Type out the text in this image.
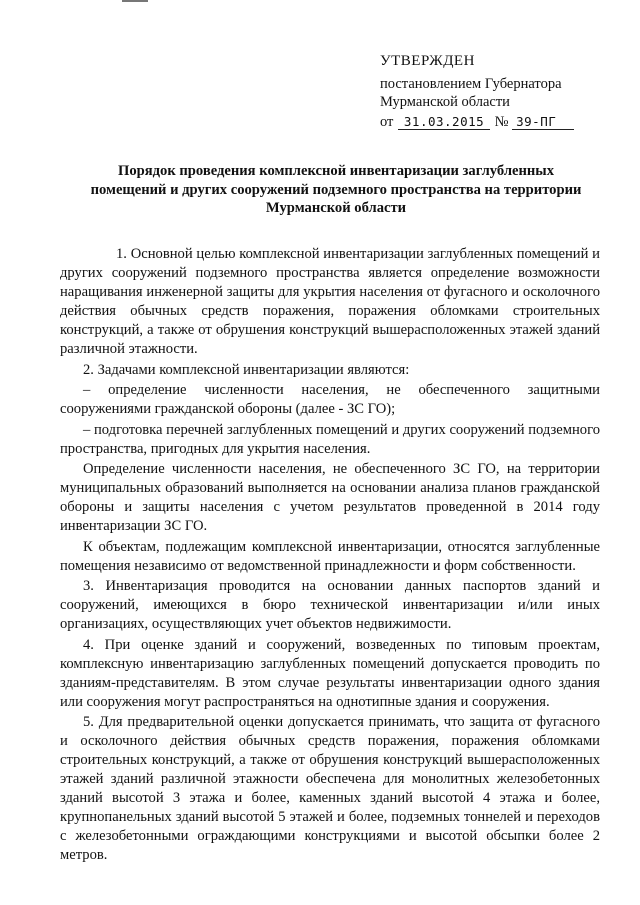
УТВЕРЖДЕН
постановлением Губернатора
Мурманской области
от 31.03.2015 № 39-ПГ
Порядок проведения комплексной инвентаризации заглубленных
помещений и других сооружений подземного пространства на территории
Мурманской области
1. Основной целью комплексной инвентаризации заглубленных помещений и других сооружений подземного пространства является определение возможности наращивания инженерной защиты для укрытия населения от фугасного и осколочного действия обычных средств поражения, поражения обломками строительных конструкций, а также от обрушения конструкций вышерасположенных этажей зданий различной этажности.
2. Задачами комплексной инвентаризации являются:
– определение численности населения, не обеспеченного защитными сооружениями гражданской обороны (далее - ЗС ГО);
– подготовка перечней заглубленных помещений и других сооружений подземного пространства, пригодных для укрытия населения.
Определение численности населения, не обеспеченного ЗС ГО, на территории муниципальных образований выполняется на основании анализа планов гражданской обороны и защиты населения с учетом результатов проведенной в 2014 году инвентаризации ЗС ГО.
К объектам, подлежащим комплексной инвентаризации, относятся заглубленные помещения независимо от ведомственной принадлежности и форм собственности.
3. Инвентаризация проводится на основании данных паспортов зданий и сооружений, имеющихся в бюро технической инвентаризации и/или иных организациях, осуществляющих учет объектов недвижимости.
4. При оценке зданий и сооружений, возведенных по типовым проектам, комплексную инвентаризацию заглубленных помещений допускается проводить по зданиям-представителям. В этом случае результаты инвентаризации одного здания или сооружения могут распространяться на однотипные здания и сооружения.
5. Для предварительной оценки допускается принимать, что защита от фугасного и осколочного действия обычных средств поражения, поражения обломками строительных конструкций, а также от обрушения конструкций вышерасположенных этажей зданий различной этажности обеспечена для монолитных железобетонных зданий высотой 3 этажа и более, каменных зданий высотой 4 этажа и более, крупнопанельных зданий высотой 5 этажей и более, подземных тоннелей и переходов с железобетонными ограждающими конструкциями и высотой обсыпки более 2 метров.
